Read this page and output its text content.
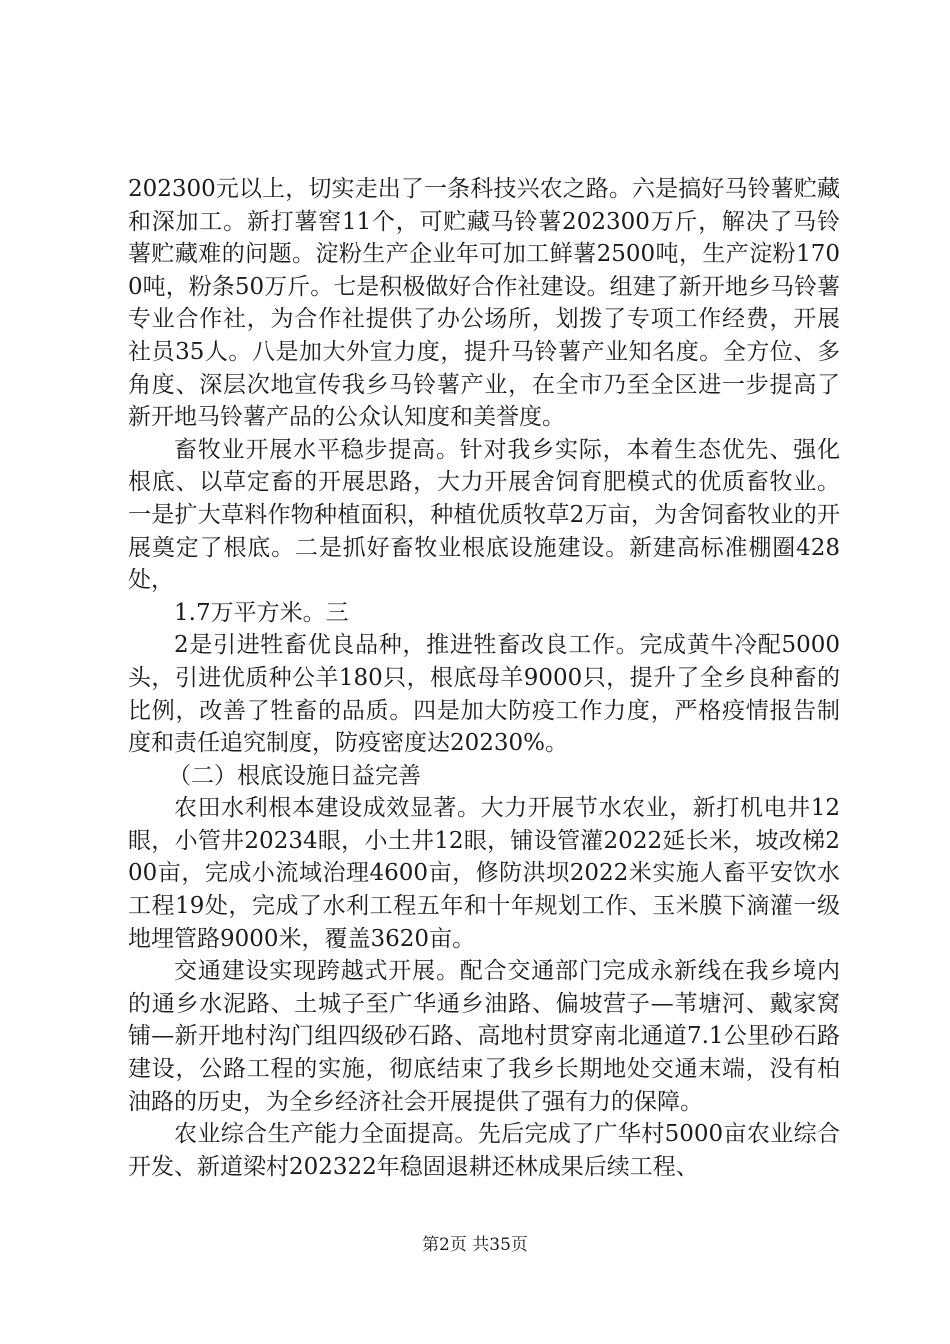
202300元以上，切实走出了一条科技兴农之路。六是搞好马铃薯贮藏和深加工。新打薯窖11个，可贮藏马铃薯202300万斤，解决了马铃薯贮藏难的问题。淀粉生产企业年可加工鲜薯2500吨，生产淀粉1700吨，粉条50万斤。七是积极做好合作社建设。组建了新开地乡马铃薯专业合作社，为合作社提供了办公场所，划拨了专项工作经费，开展社员35人。八是加大外宣力度，提升马铃薯产业知名度。全方位、多角度、深层次地宣传我乡马铃薯产业，在全市乃至全区进一步提高了新开地马铃薯产品的公众认知度和美誉度。

畜牧业开展水平稳步提高。针对我乡实际，本着生态优先、强化根底、以草定畜的开展思路，大力开展舍饲育肥模式的优质畜牧业。一是扩大草料作物种植面积，种植优质牧草2万亩，为舍饲畜牧业的开展奠定了根底。二是抓好畜牧业根底设施建设。新建高标准棚圈428处，

1.7万平方米。三

2是引进牲畜优良品种，推进牲畜改良工作。完成黄牛冷配5000头，引进优质种公羊180只，根底母羊9000只，提升了全乡良种畜的比例，改善了牲畜的品质。四是加大防疫工作力度，严格疫情报告制度和责任追究制度，防疫密度达20230%。

（二）根底设施日益完善

农田水利根本建设成效显著。大力开展节水农业，新打机电井12眼，小管井20234眼，小土井12眼，铺设管灌2022延长米，坡改梯200亩，完成小流域治理4600亩，修防洪坝2022米实施人畜平安饮水工程19处，完成了水利工程五年和十年规划工作、玉米膜下滴灌一级地埋管路9000米，覆盖3620亩。

交通建设实现跨越式开展。配合交通部门完成永新线在我乡境内的通乡水泥路、土城子至广华通乡油路、偏坡营子—苇塘河、戴家窝铺—新开地村沟门组四级砂石路、高地村贯穿南北通道7.1公里砂石路建设，公路工程的实施，彻底结束了我乡长期地处交通末端，没有柏油路的历史，为全乡经济社会开展提供了强有力的保障。

农业综合生产能力全面提高。先后完成了广华村5000亩农业综合开发、新道梁村202322年稳固退耕还林成果后续工程、

第2页 共35页
